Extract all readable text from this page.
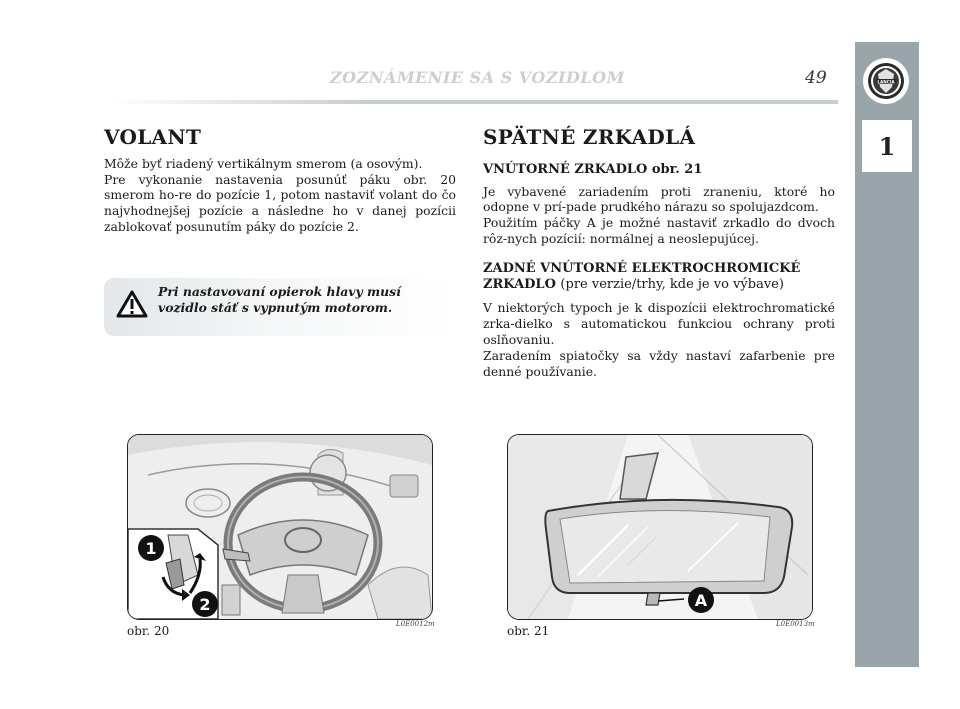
ZOZNÁMENIE SA S VOZIDLOM	49	LANCIA
1
VOLANT

Môže byť riadený vertikálnym smerom (a osovým).

Pre vykonanie nastavenia posunúť páku obr. 20 smerom ho-re do pozície 1, potom nastaviť volant do čo najvhodnejšej pozície a následne ho v danej pozícii zablokovať posunutím páky do pozície 2.

Pri nastavovaní opierok hlavy musí vozidlo stáť s vypnutým motorom.
SPÄTNÉ ZRKADLÁ
VNÚTORNÉ ZRKADLO obr. 21

Je vybavené zariadením proti zraneniu, ktoré ho odopne v prí-pade prudkého nárazu so spolujazdcom.

Použitím páčky A je možné nastaviť zrkadlo do dvoch rôz-nych pozícií: normálnej a neoslepujúcej.

ZADNÉ VNÚTORNÉ ELEKTROCHROMICKÉ
ZRKADLO (pre verzie/trhy, kde je vo výbave)

V niektorých typoch je k dispozícii elektrochromatické zrka-dielko s automatickou funkciou ochrany proti oslňovaniu.

Zaradením spiatočky sa vždy nastaví zafarbenie pre denné používanie.

1
2
obr. 20	L0E0012m
A
obr. 21	L0E0013m
